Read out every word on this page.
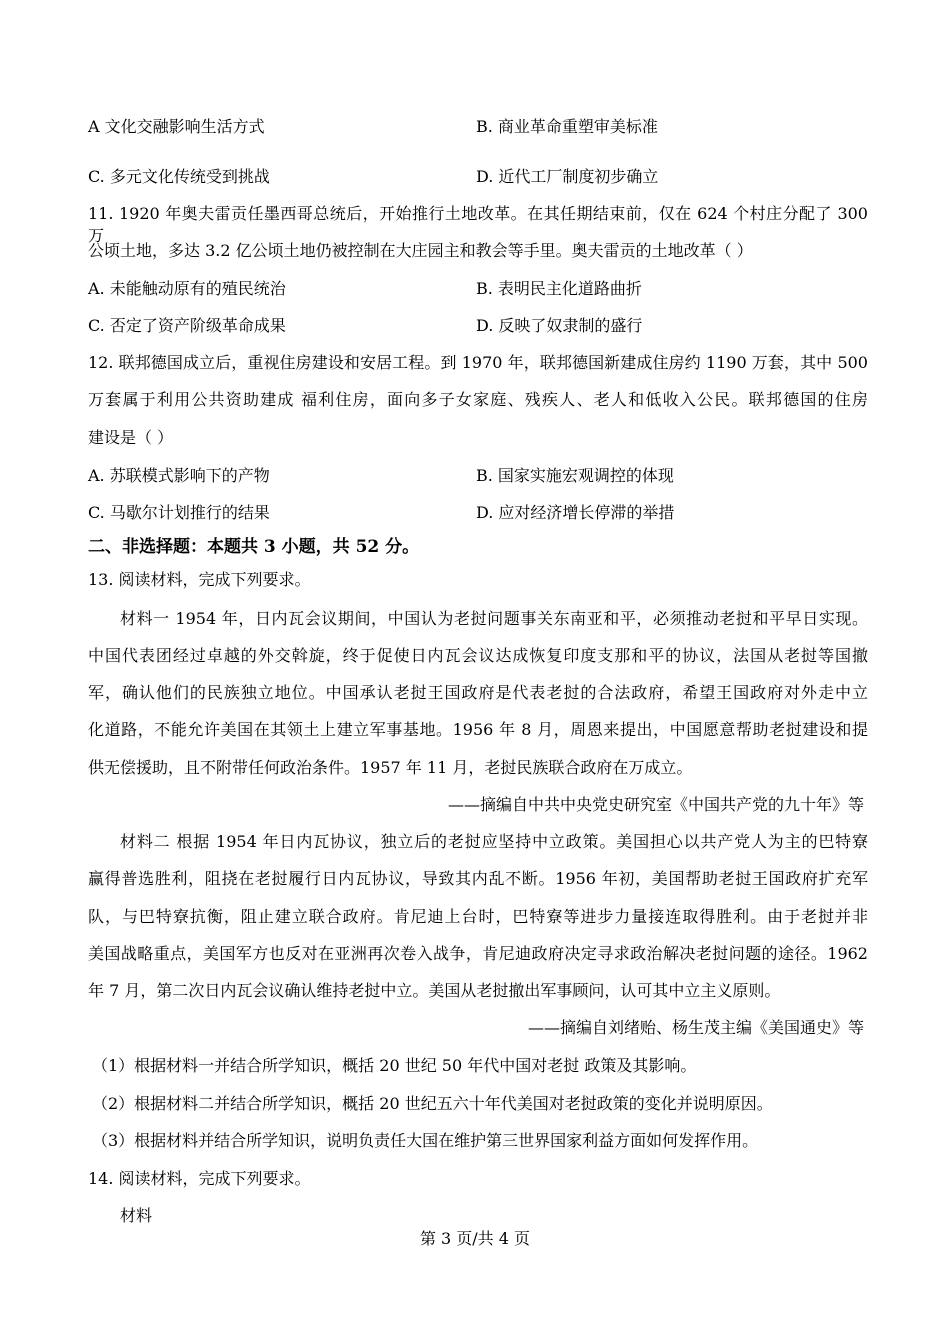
A 文化交融影响生活方式	B. 商业革命重塑审美标准
C. 多元文化传统受到挑战	D. 近代工厂制度初步确立
11. 1920 年奥夫雷贡任墨西哥总统后，开始推行土地改革。在其任期结束前，仅在 624 个村庄分配了 300 万
公顷土地，多达 3.2 亿公顷土地仍被控制在大庄园主和教会等手里。奥夫雷贡的土地改革（ ）
A. 未能触动原有的殖民统治	B. 表明民主化道路曲折
C. 否定了资产阶级革命成果	D. 反映了奴隶制的盛行
12. 联邦德国成立后，重视住房建设和安居工程。到 1970 年，联邦德国新建成住房约 1190 万套，其中 500
万套属于利用公共资助建成 福利住房，面向多子女家庭、残疾人、老人和低收入公民。联邦德国的住房
建设是（ ）
A. 苏联模式影响下的产物	B. 国家实施宏观调控的体现
C. 马歇尔计划推行的结果	D. 应对经济增长停滞的举措
二、非选择题：本题共 3 小题，共 52 分。
13. 阅读材料，完成下列要求。
材料一 1954 年，日内瓦会议期间，中国认为老挝问题事关东南亚和平，必须推动老挝和平早日实现。
中国代表团经过卓越的外交斡旋，终于促使日内瓦会议达成恢复印度支那和平的协议，法国从老挝等国撤
军，确认他们的民族独立地位。中国承认老挝王国政府是代表老挝的合法政府，希望王国政府对外走中立
化道路，不能允许美国在其领土上建立军事基地。1956 年 8 月，周恩来提出，中国愿意帮助老挝建设和提
供无偿援助，且不附带任何政治条件。1957 年 11 月，老挝民族联合政府在万成立。
——摘编自中共中央党史研究室《中国共产党的九十年》等
材料二 根据 1954 年日内瓦协议，独立后的老挝应坚持中立政策。美国担心以共产党人为主的巴特寮
赢得普选胜利，阻挠在老挝履行日内瓦协议，导致其内乱不断。1956 年初，美国帮助老挝王国政府扩充军
队，与巴特寮抗衡，阻止建立联合政府。肯尼迪上台时，巴特寮等进步力量接连取得胜利。由于老挝并非
美国战略重点，美国军方也反对在亚洲再次卷入战争，肯尼迪政府决定寻求政治解决老挝问题的途径。1962
年 7 月，第二次日内瓦会议确认维持老挝中立。美国从老挝撤出军事顾问，认可其中立主义原则。
——摘编自刘绪贻、杨生茂主编《美国通史》等
（1）根据材料一并结合所学知识，概括 20 世纪 50 年代中国对老挝 政策及其影响。
（2）根据材料二并结合所学知识，概括 20 世纪五六十年代美国对老挝政策的变化并说明原因。
（3）根据材料并结合所学知识，说明负责任大国在维护第三世界国家利益方面如何发挥作用。
14. 阅读材料，完成下列要求。
材料
第 3 页/共 4 页
